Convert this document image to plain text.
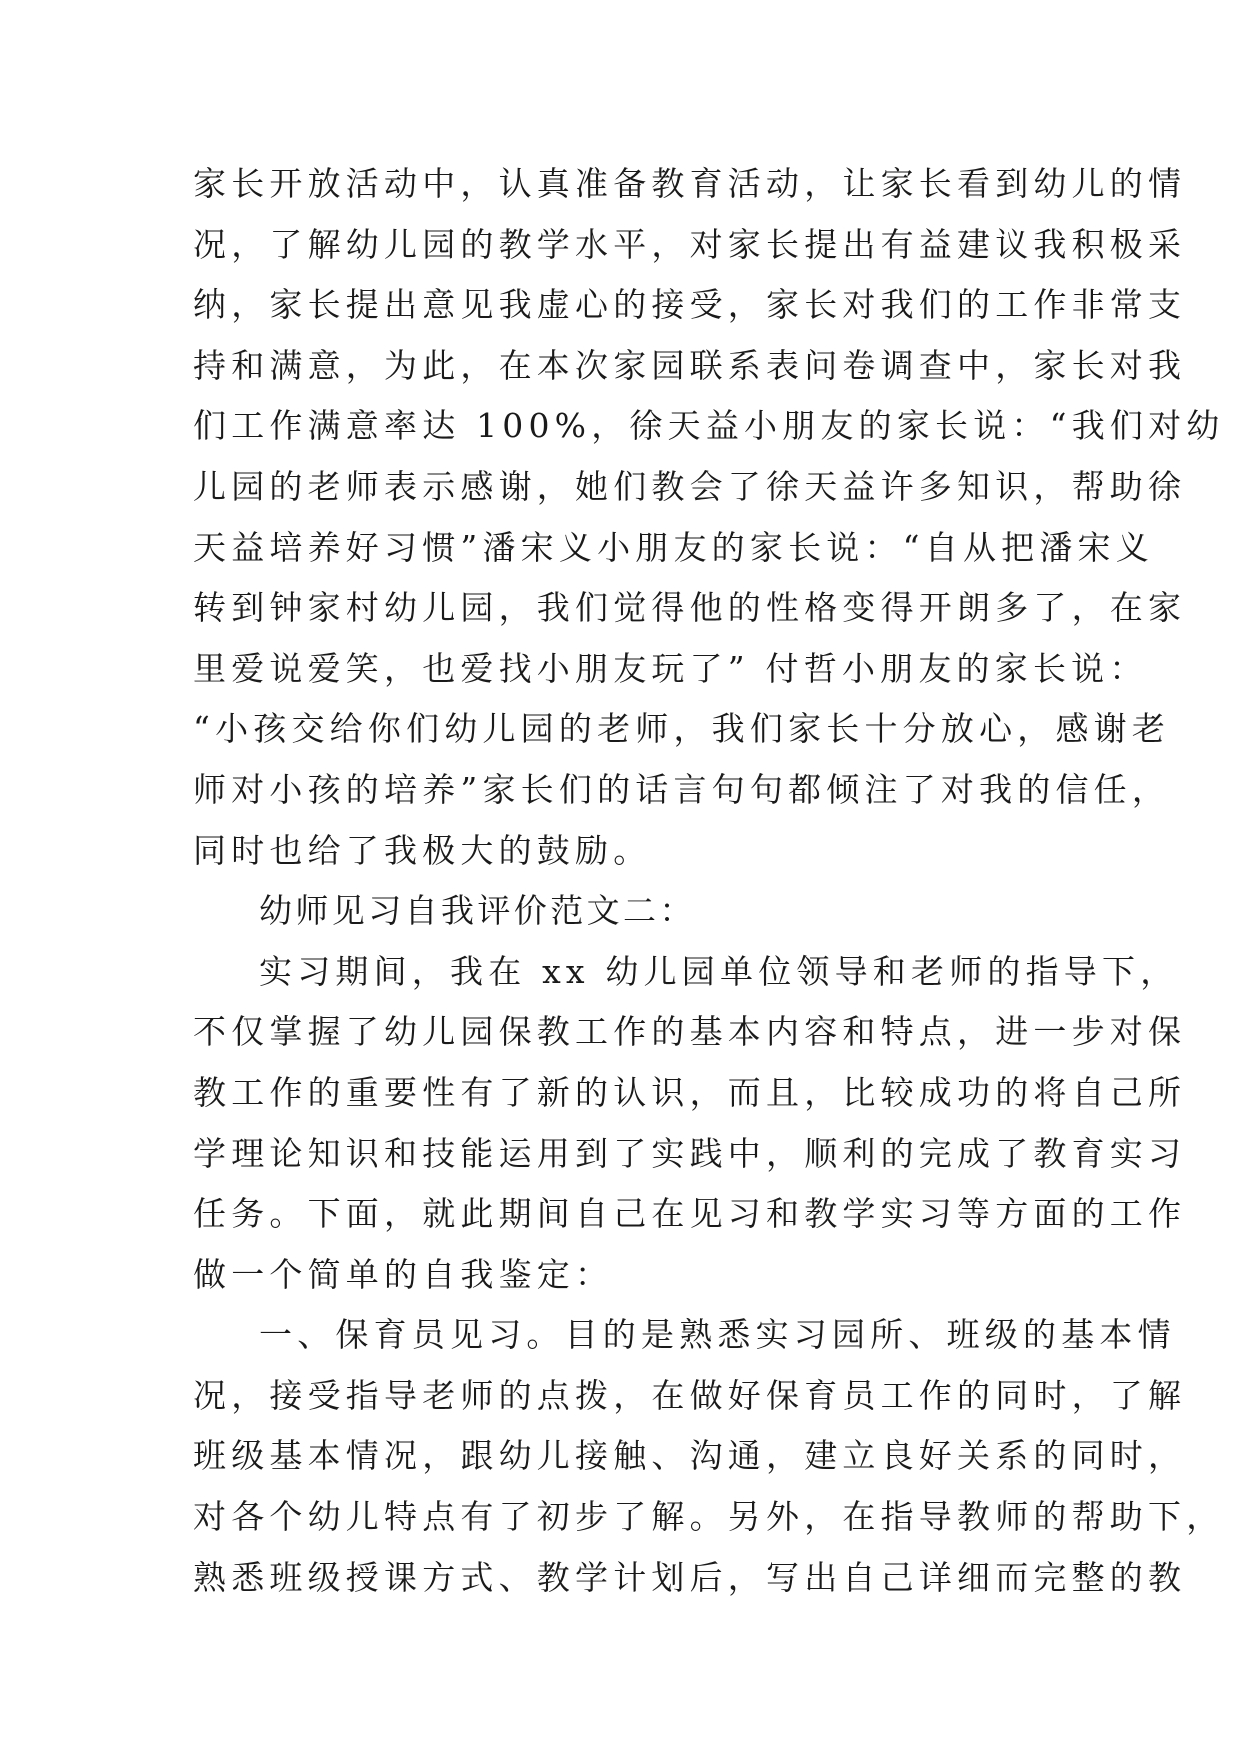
家长开放活动中，认真准备教育活动，让家长看到幼儿的情

况，了解幼儿园的教学水平，对家长提出有益建议我积极采

纳，家长提出意见我虚心的接受，家长对我们的工作非常支

持和满意，为此，在本次家园联系表问卷调查中，家长对我

们工作满意率达 100%，徐天益小朋友的家长说：“我们对幼

儿园的老师表示感谢，她们教会了徐天益许多知识，帮助徐

天益培养好习惯”潘宋义小朋友的家长说：“自从把潘宋义

转到钟家村幼儿园，我们觉得他的性格变得开朗多了，在家

里爱说爱笑，也爱找小朋友玩了” 付哲小朋友的家长说：

“小孩交给你们幼儿园的老师，我们家长十分放心，感谢老

师对小孩的培养”家长们的话言句句都倾注了对我的信任，

同时也给了我极大的鼓励。

幼师见习自我评价范文二：

实习期间，我在 xx 幼儿园单位领导和老师的指导下，

不仅掌握了幼儿园保教工作的基本内容和特点，进一步对保

教工作的重要性有了新的认识，而且，比较成功的将自己所

学理论知识和技能运用到了实践中，顺利的完成了教育实习

任务。下面，就此期间自己在见习和教学实习等方面的工作

做一个简单的自我鉴定：

一、保育员见习。目的是熟悉实习园所、班级的基本情

况，接受指导老师的点拨，在做好保育员工作的同时，了解

班级基本情况，跟幼儿接触、沟通，建立良好关系的同时，

对各个幼儿特点有了初步了解。另外，在指导教师的帮助下，

熟悉班级授课方式、教学计划后，写出自己详细而完整的教
